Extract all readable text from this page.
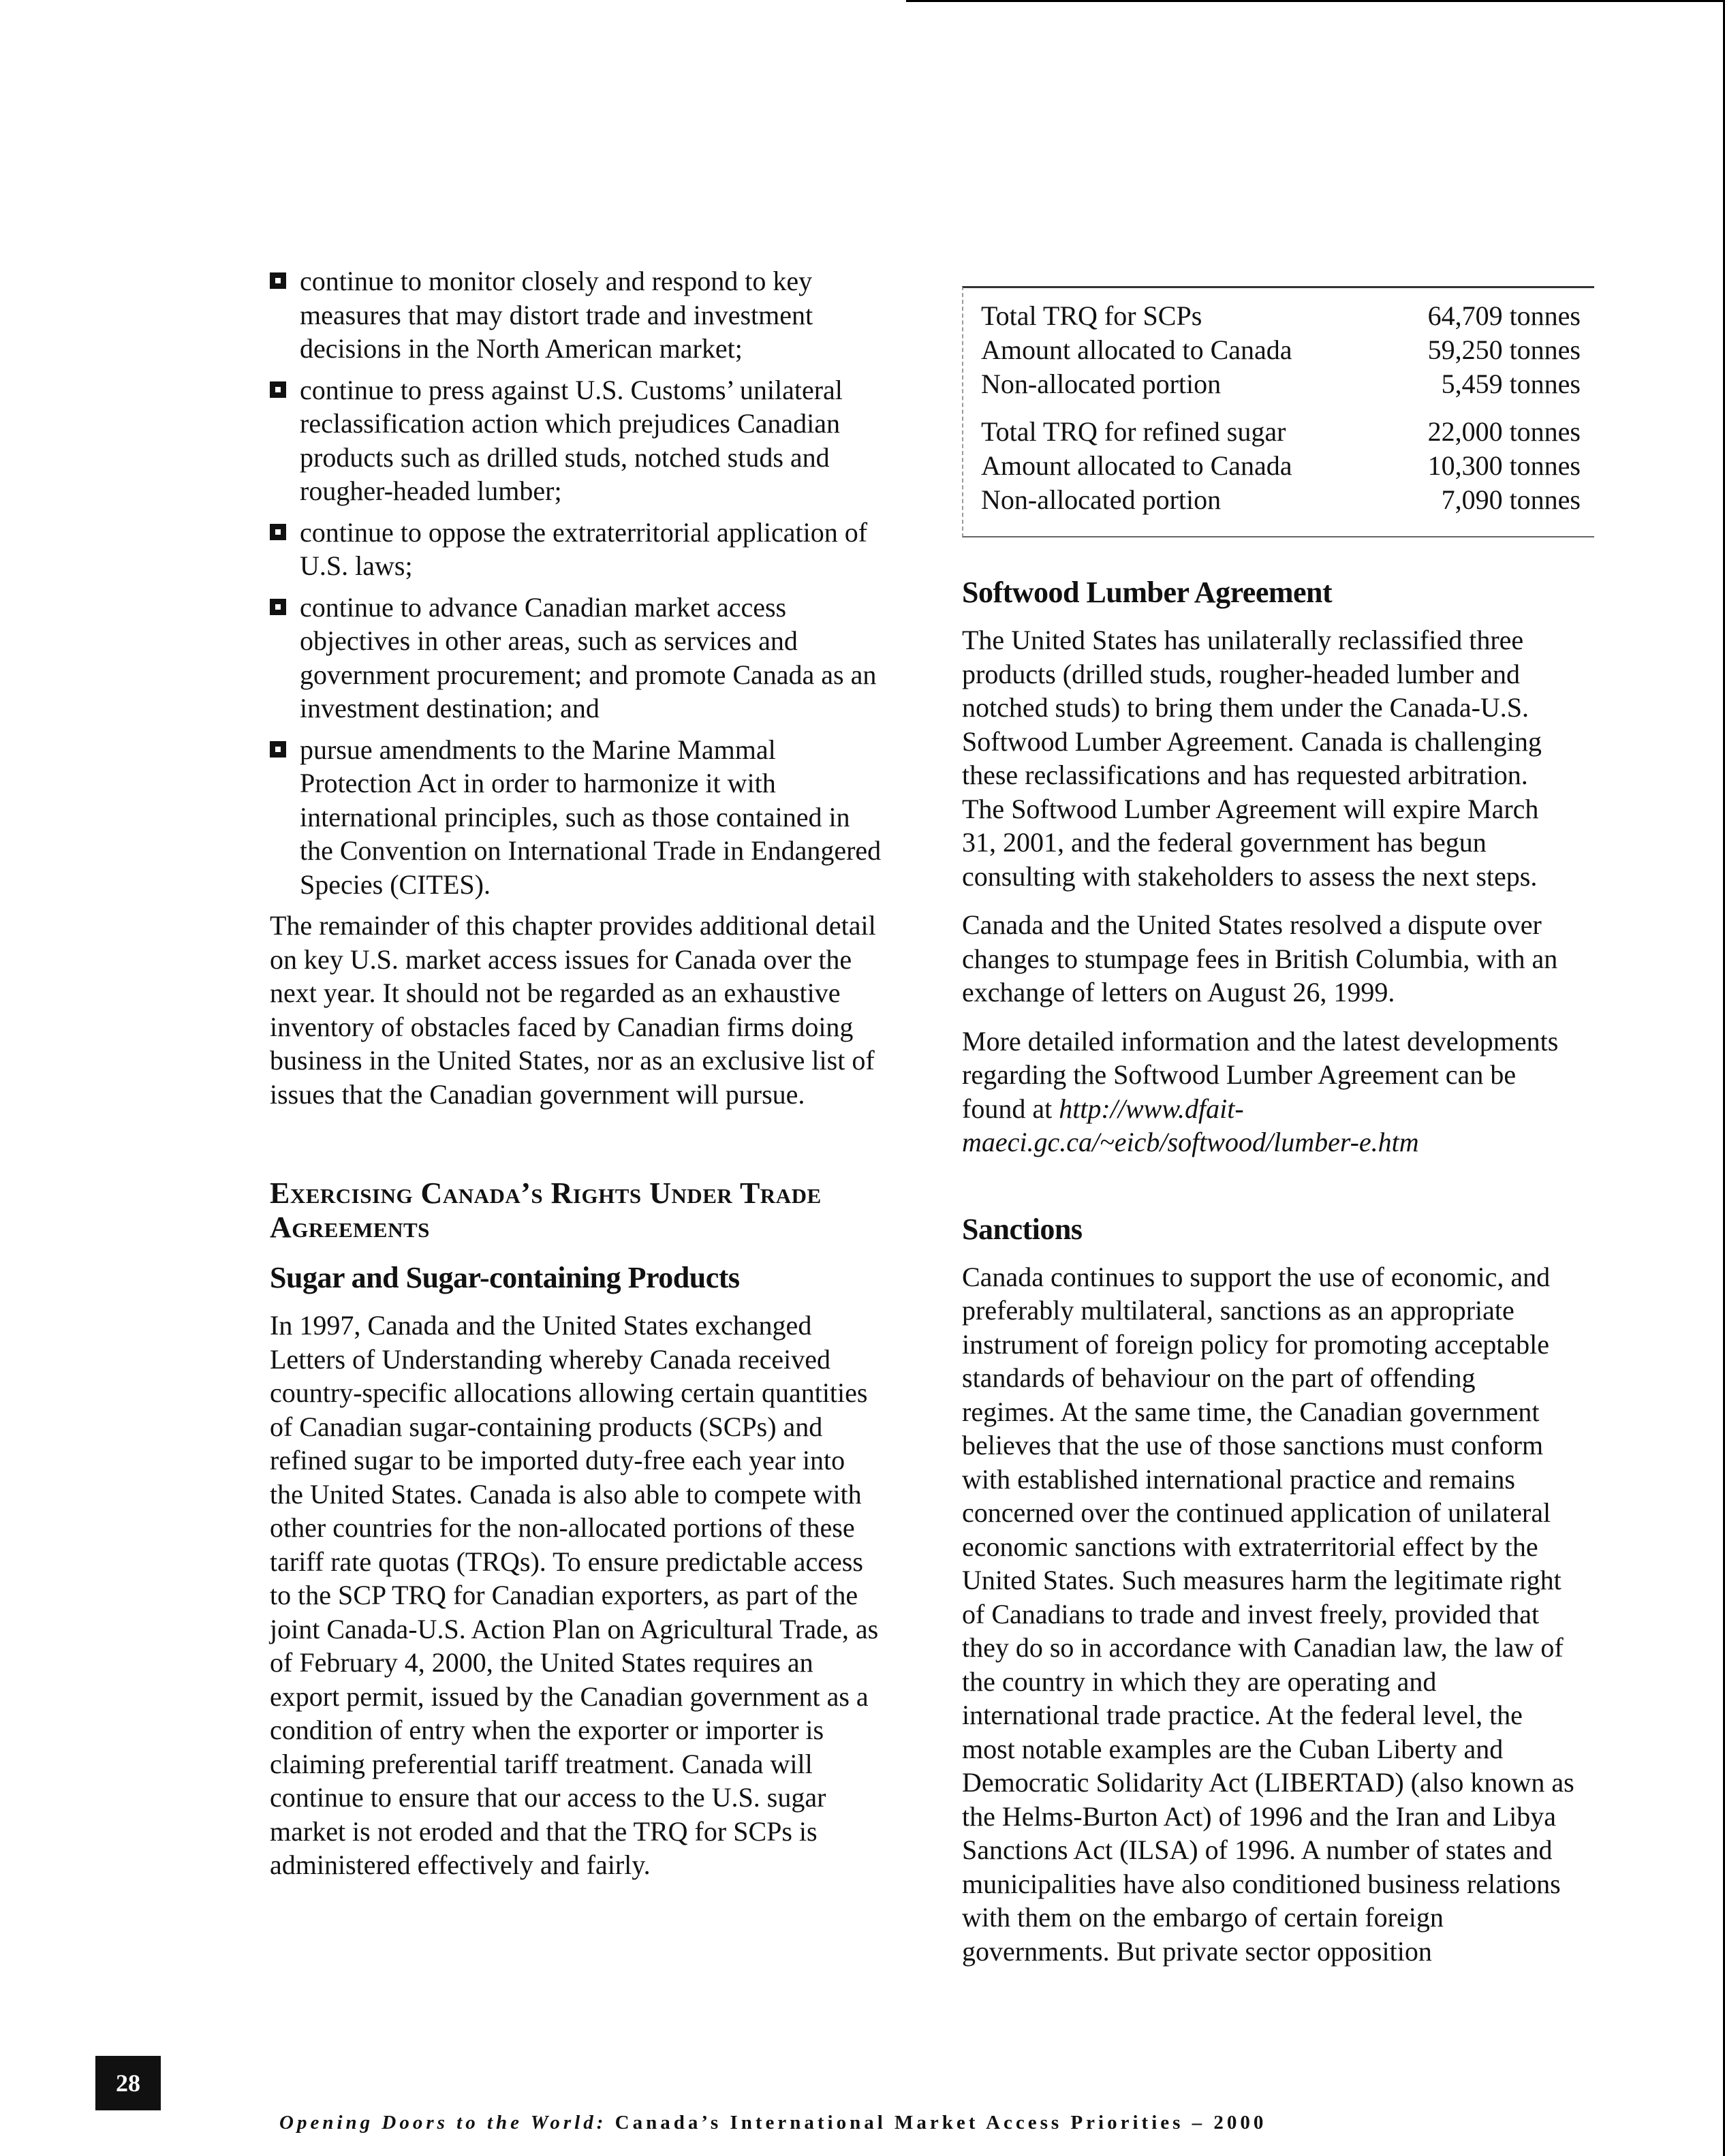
continue to monitor closely and respond to key measures that may distort trade and investment decisions in the North American market;
continue to press against U.S. Customs’ unilateral reclassification action which prejudices Canadian products such as drilled studs, notched studs and rougher-headed lumber;
continue to oppose the extraterritorial application of U.S. laws;
continue to advance Canadian market access objectives in other areas, such as services and government procurement; and promote Canada as an investment destination; and
pursue amendments to the Marine Mammal Protection Act in order to harmonize it with international principles, such as those contained in the Convention on International Trade in Endangered Species (CITES).

The remainder of this chapter provides additional detail on key U.S. market access issues for Canada over the next year. It should not be regarded as an exhaustive inventory of obstacles faced by Canadian firms doing business in the United States, nor as an exclusive list of issues that the Canadian government will pursue.

Exercising Canada’s Rights Under Trade Agreements
Sugar and Sugar-containing Products

In 1997, Canada and the United States exchanged Letters of Understanding whereby Canada received country-specific allocations allowing certain quantities of Canadian sugar-containing products (SCPs) and refined sugar to be imported duty-free each year into the United States. Canada is also able to compete with other countries for the non-allocated portions of these tariff rate quotas (TRQs). To ensure predictable access to the SCP TRQ for Canadian exporters, as part of the joint Canada-U.S. Action Plan on Agricultural Trade, as of February 4, 2000, the United States requires an export permit, issued by the Canadian government as a condition of entry when the exporter or importer is claiming preferential tariff treatment. Canada will continue to ensure that our access to the U.S. sugar market is not eroded and that the TRQ for SCPs is administered effectively and fairly.

Total TRQ for SCPs	64,709 tonnes
Amount allocated to Canada	59,250 tonnes
Non-allocated portion	5,459 tonnes
Total TRQ for refined sugar	22,000 tonnes
Amount allocated to Canada	10,300 tonnes
Non-allocated portion	7,090 tonnes
Softwood Lumber Agreement

The United States has unilaterally reclassified three products (drilled studs, rougher-headed lumber and notched studs) to bring them under the Canada-U.S. Softwood Lumber Agreement. Canada is challenging these reclassifications and has requested arbitration. The Softwood Lumber Agreement will expire March 31, 2001, and the federal government has begun consulting with stakeholders to assess the next steps.

Canada and the United States resolved a dispute over changes to stumpage fees in British Columbia, with an exchange of letters on August 26, 1999.

More detailed information and the latest developments regarding the Softwood Lumber Agreement can be found at http://www.dfait-maeci.gc.ca/~eicb/softwood/lumber-e.htm

Sanctions

Canada continues to support the use of economic, and preferably multilateral, sanctions as an appropriate instrument of foreign policy for promoting acceptable standards of behaviour on the part of offending regimes. At the same time, the Canadian government believes that the use of those sanctions must conform with established international practice and remains concerned over the continued application of unilateral economic sanctions with extraterritorial effect by the United States. Such measures harm the legitimate right of Canadians to trade and invest freely, provided that they do so in accordance with Canadian law, the law of the country in which they are operating and international trade practice. At the federal level, the most notable examples are the Cuban Liberty and Democratic Solidarity Act (LIBERTAD) (also known as the Helms-Burton Act) of 1996 and the Iran and Libya Sanctions Act (ILSA) of 1996. A number of states and municipalities have also conditioned business relations with them on the embargo of certain foreign governments. But private sector opposition

28
Opening Doors to the World: Canada’s International Market Access Priorities – 2000
